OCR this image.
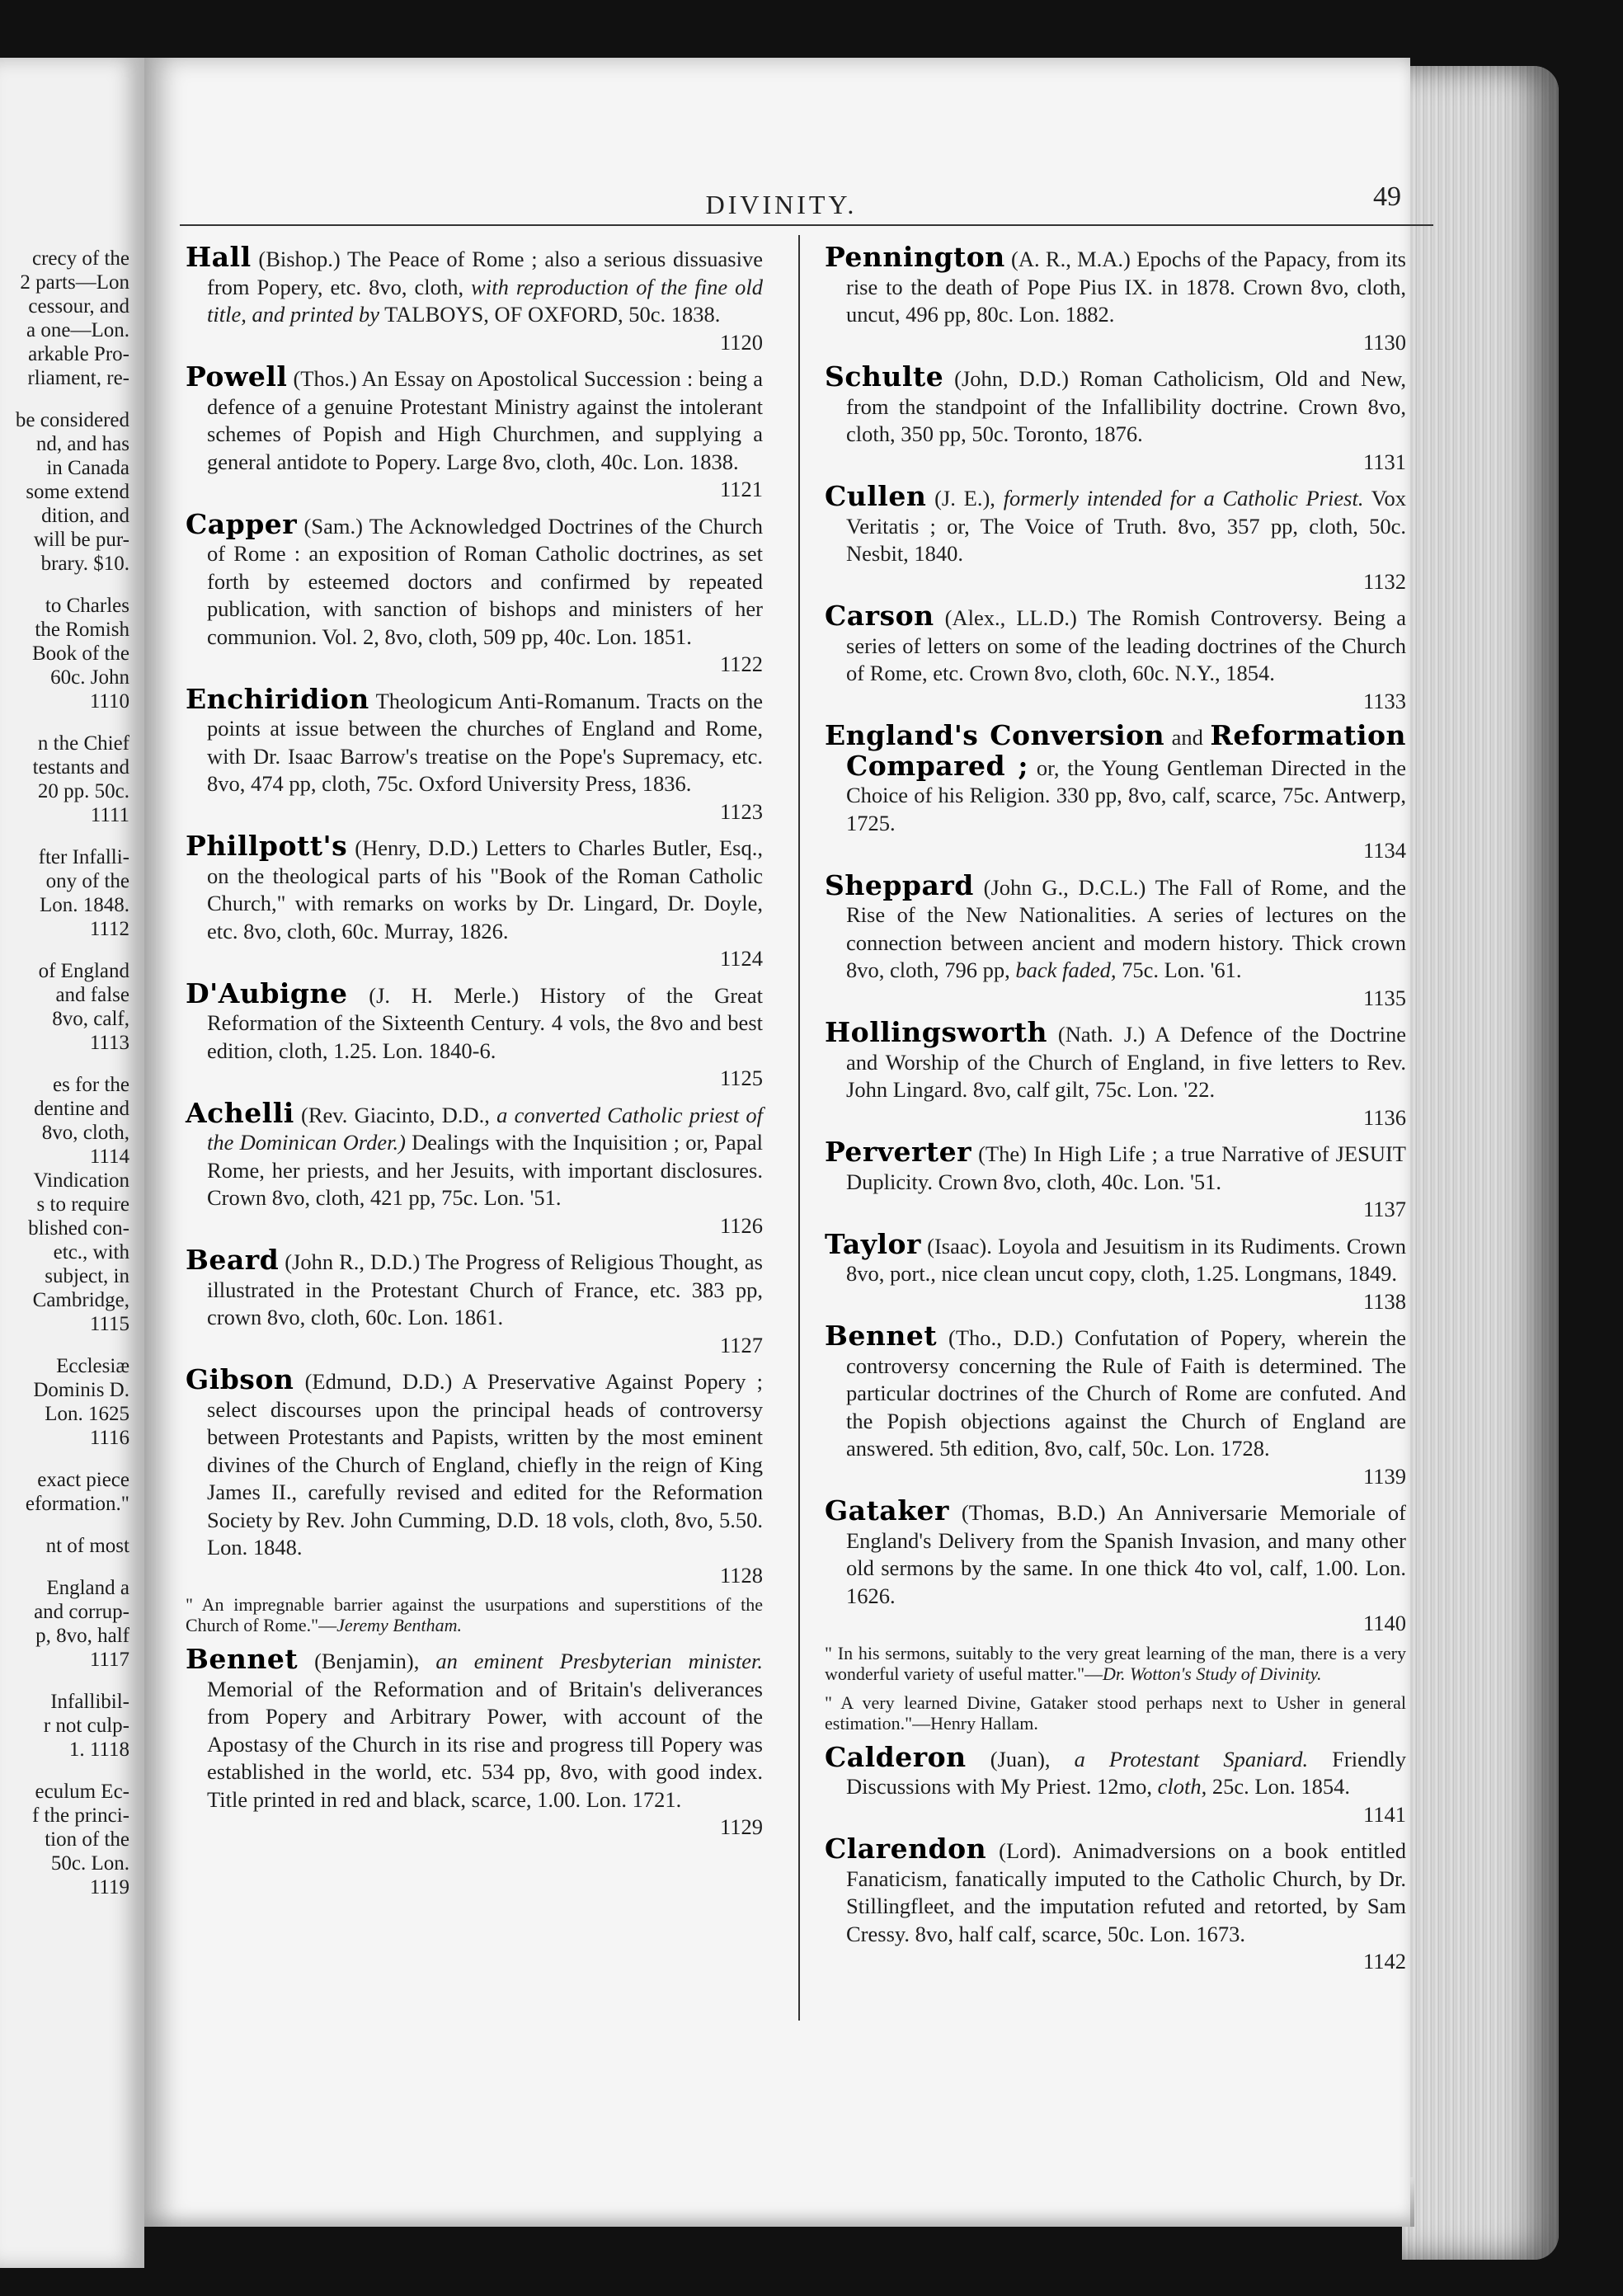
crecy of the
2 parts—Lon
cessour, and
a one—Lon.
arkable Pro-
rliament, re-
be considered
nd, and has
in Canada
some extend
dition, and
will be pur-
brary. $10.
to Charles
the Romish
Book of the
60c. John
1110
n the Chief
testants and
20 pp. 50c.
1111
fter Infalli-
ony of the
Lon. 1848.
1112
of England
and false
8vo, calf,
1113
es for the
dentine and
8vo, cloth,
1114
Vindication
s to require
blished con-
etc., with
subject, in
Cambridge,
1115
Ecclesiæ
Dominis D.
Lon. 1625
1116
exact piece
eformation."
nt of most
England a
and corrup-
p, 8vo, half
1117
Infallibil-
r not culp-
1. 1118
eculum Ec-
f the princi-
tion of the
50c. Lon.
1119
DIVINITY.	49
Hall (Bishop.) The Peace of Rome ; also a serious dissuasive from Popery, etc. 8vo, cloth, with reproduction of the fine old title, and printed by TALBOYS, OF OXFORD, 50c. 1838.
1120
Powell (Thos.) An Essay on Apostolical Succession : being a defence of a genuine Protestant Ministry against the intolerant schemes of Popish and High Churchmen, and supplying a general antidote to Popery. Large 8vo, cloth, 40c. Lon. 1838.
1121
Capper (Sam.) The Acknowledged Doctrines of the Church of Rome : an exposition of Roman Catholic doctrines, as set forth by esteemed doctors and confirmed by repeated publication, with sanction of bishops and ministers of her communion. Vol. 2, 8vo, cloth, 509 pp, 40c. Lon. 1851.
1122
Enchiridion Theologicum Anti-Romanum. Tracts on the points at issue between the churches of England and Rome, with Dr. Isaac Barrow's treatise on the Pope's Supremacy, etc. 8vo, 474 pp, cloth, 75c. Oxford University Press, 1836.
1123
Phillpott's (Henry, D.D.) Letters to Charles Butler, Esq., on the theological parts of his "Book of the Roman Catholic Church," with remarks on works by Dr. Lingard, Dr. Doyle, etc. 8vo, cloth, 60c. Murray, 1826.
1124
D'Aubigne (J. H. Merle.) History of the Great Reformation of the Sixteenth Century. 4 vols, the 8vo and best edition, cloth, 1.25. Lon. 1840-6.
1125
Achelli (Rev. Giacinto, D.D., a converted Catholic priest of the Dominican Order.) Dealings with the Inquisition ; or, Papal Rome, her priests, and her Jesuits, with important disclosures. Crown 8vo, cloth, 421 pp, 75c. Lon. '51.
1126
Beard (John R., D.D.) The Progress of Religious Thought, as illustrated in the Protestant Church of France, etc. 383 pp, crown 8vo, cloth, 60c. Lon. 1861.
1127
Gibson (Edmund, D.D.) A Preservative Against Popery ; select discourses upon the principal heads of controversy between Protestants and Papists, written by the most eminent divines of the Church of England, chiefly in the reign of King James II., carefully revised and edited for the Reformation Society by Rev. John Cumming, D.D. 18 vols, cloth, 8vo, 5.50. Lon. 1848.
1128
" An impregnable barrier against the usurpations and superstitions of the Church of Rome."—Jeremy Bentham.
Bennet (Benjamin), an eminent Presbyterian minister. Memorial of the Reformation and of Britain's deliverances from Popery and Arbitrary Power, with account of the Apostasy of the Church in its rise and progress till Popery was established in the world, etc. 534 pp, 8vo, with good index. Title printed in red and black, scarce, 1.00. Lon. 1721.
1129
Pennington (A. R., M.A.) Epochs of the Papacy, from its rise to the death of Pope Pius IX. in 1878. Crown 8vo, cloth, uncut, 496 pp, 80c. Lon. 1882.
1130
Schulte (John, D.D.) Roman Catholicism, Old and New, from the standpoint of the Infallibility doctrine. Crown 8vo, cloth, 350 pp, 50c. Toronto, 1876.
1131
Cullen (J. E.), formerly intended for a Catholic Priest. Vox Veritatis ; or, The Voice of Truth. 8vo, 357 pp, cloth, 50c. Nesbit, 1840.
1132
Carson (Alex., LL.D.) The Romish Controversy. Being a series of letters on some of the leading doctrines of the Church of Rome, etc. Crown 8vo, cloth, 60c. N.Y., 1854.
1133
England's Conversion and Reformation Compared ; or, the Young Gentleman Directed in the Choice of his Religion. 330 pp, 8vo, calf, scarce, 75c. Antwerp, 1725.
1134
Sheppard (John G., D.C.L.) The Fall of Rome, and the Rise of the New Nationalities. A series of lectures on the connection between ancient and modern history. Thick crown 8vo, cloth, 796 pp, back faded, 75c. Lon. '61.
1135
Hollingsworth (Nath. J.) A Defence of the Doctrine and Worship of the Church of England, in five letters to Rev. John Lingard. 8vo, calf gilt, 75c. Lon. '22.
1136
Perverter (The) In High Life ; a true Narrative of JESUIT Duplicity. Crown 8vo, cloth, 40c. Lon. '51.
1137
Taylor (Isaac). Loyola and Jesuitism in its Rudiments. Crown 8vo, port., nice clean uncut copy, cloth, 1.25. Longmans, 1849.
1138
Bennet (Tho., D.D.) Confutation of Popery, wherein the controversy concerning the Rule of Faith is determined. The particular doctrines of the Church of Rome are confuted. And the Popish objections against the Church of England are answered. 5th edition, 8vo, calf, 50c. Lon. 1728.
1139
Gataker (Thomas, B.D.) An Anniversarie Memoriale of England's Delivery from the Spanish Invasion, and many other old sermons by the same. In one thick 4to vol, calf, 1.00. Lon. 1626.
1140
" In his sermons, suitably to the very great learning of the man, there is a very wonderful variety of useful matter."—Dr. Wotton's Study of Divinity.
" A very learned Divine, Gataker stood perhaps next to Usher in general estimation."—Henry Hallam.
Calderon (Juan), a Protestant Spaniard. Friendly Discussions with My Priest. 12mo, cloth, 25c. Lon. 1854.
1141
Clarendon (Lord). Animadversions on a book entitled Fanaticism, fanatically imputed to the Catholic Church, by Dr. Stillingfleet, and the imputation refuted and retorted, by Sam Cressy. 8vo, half calf, scarce, 50c. Lon. 1673.
1142
